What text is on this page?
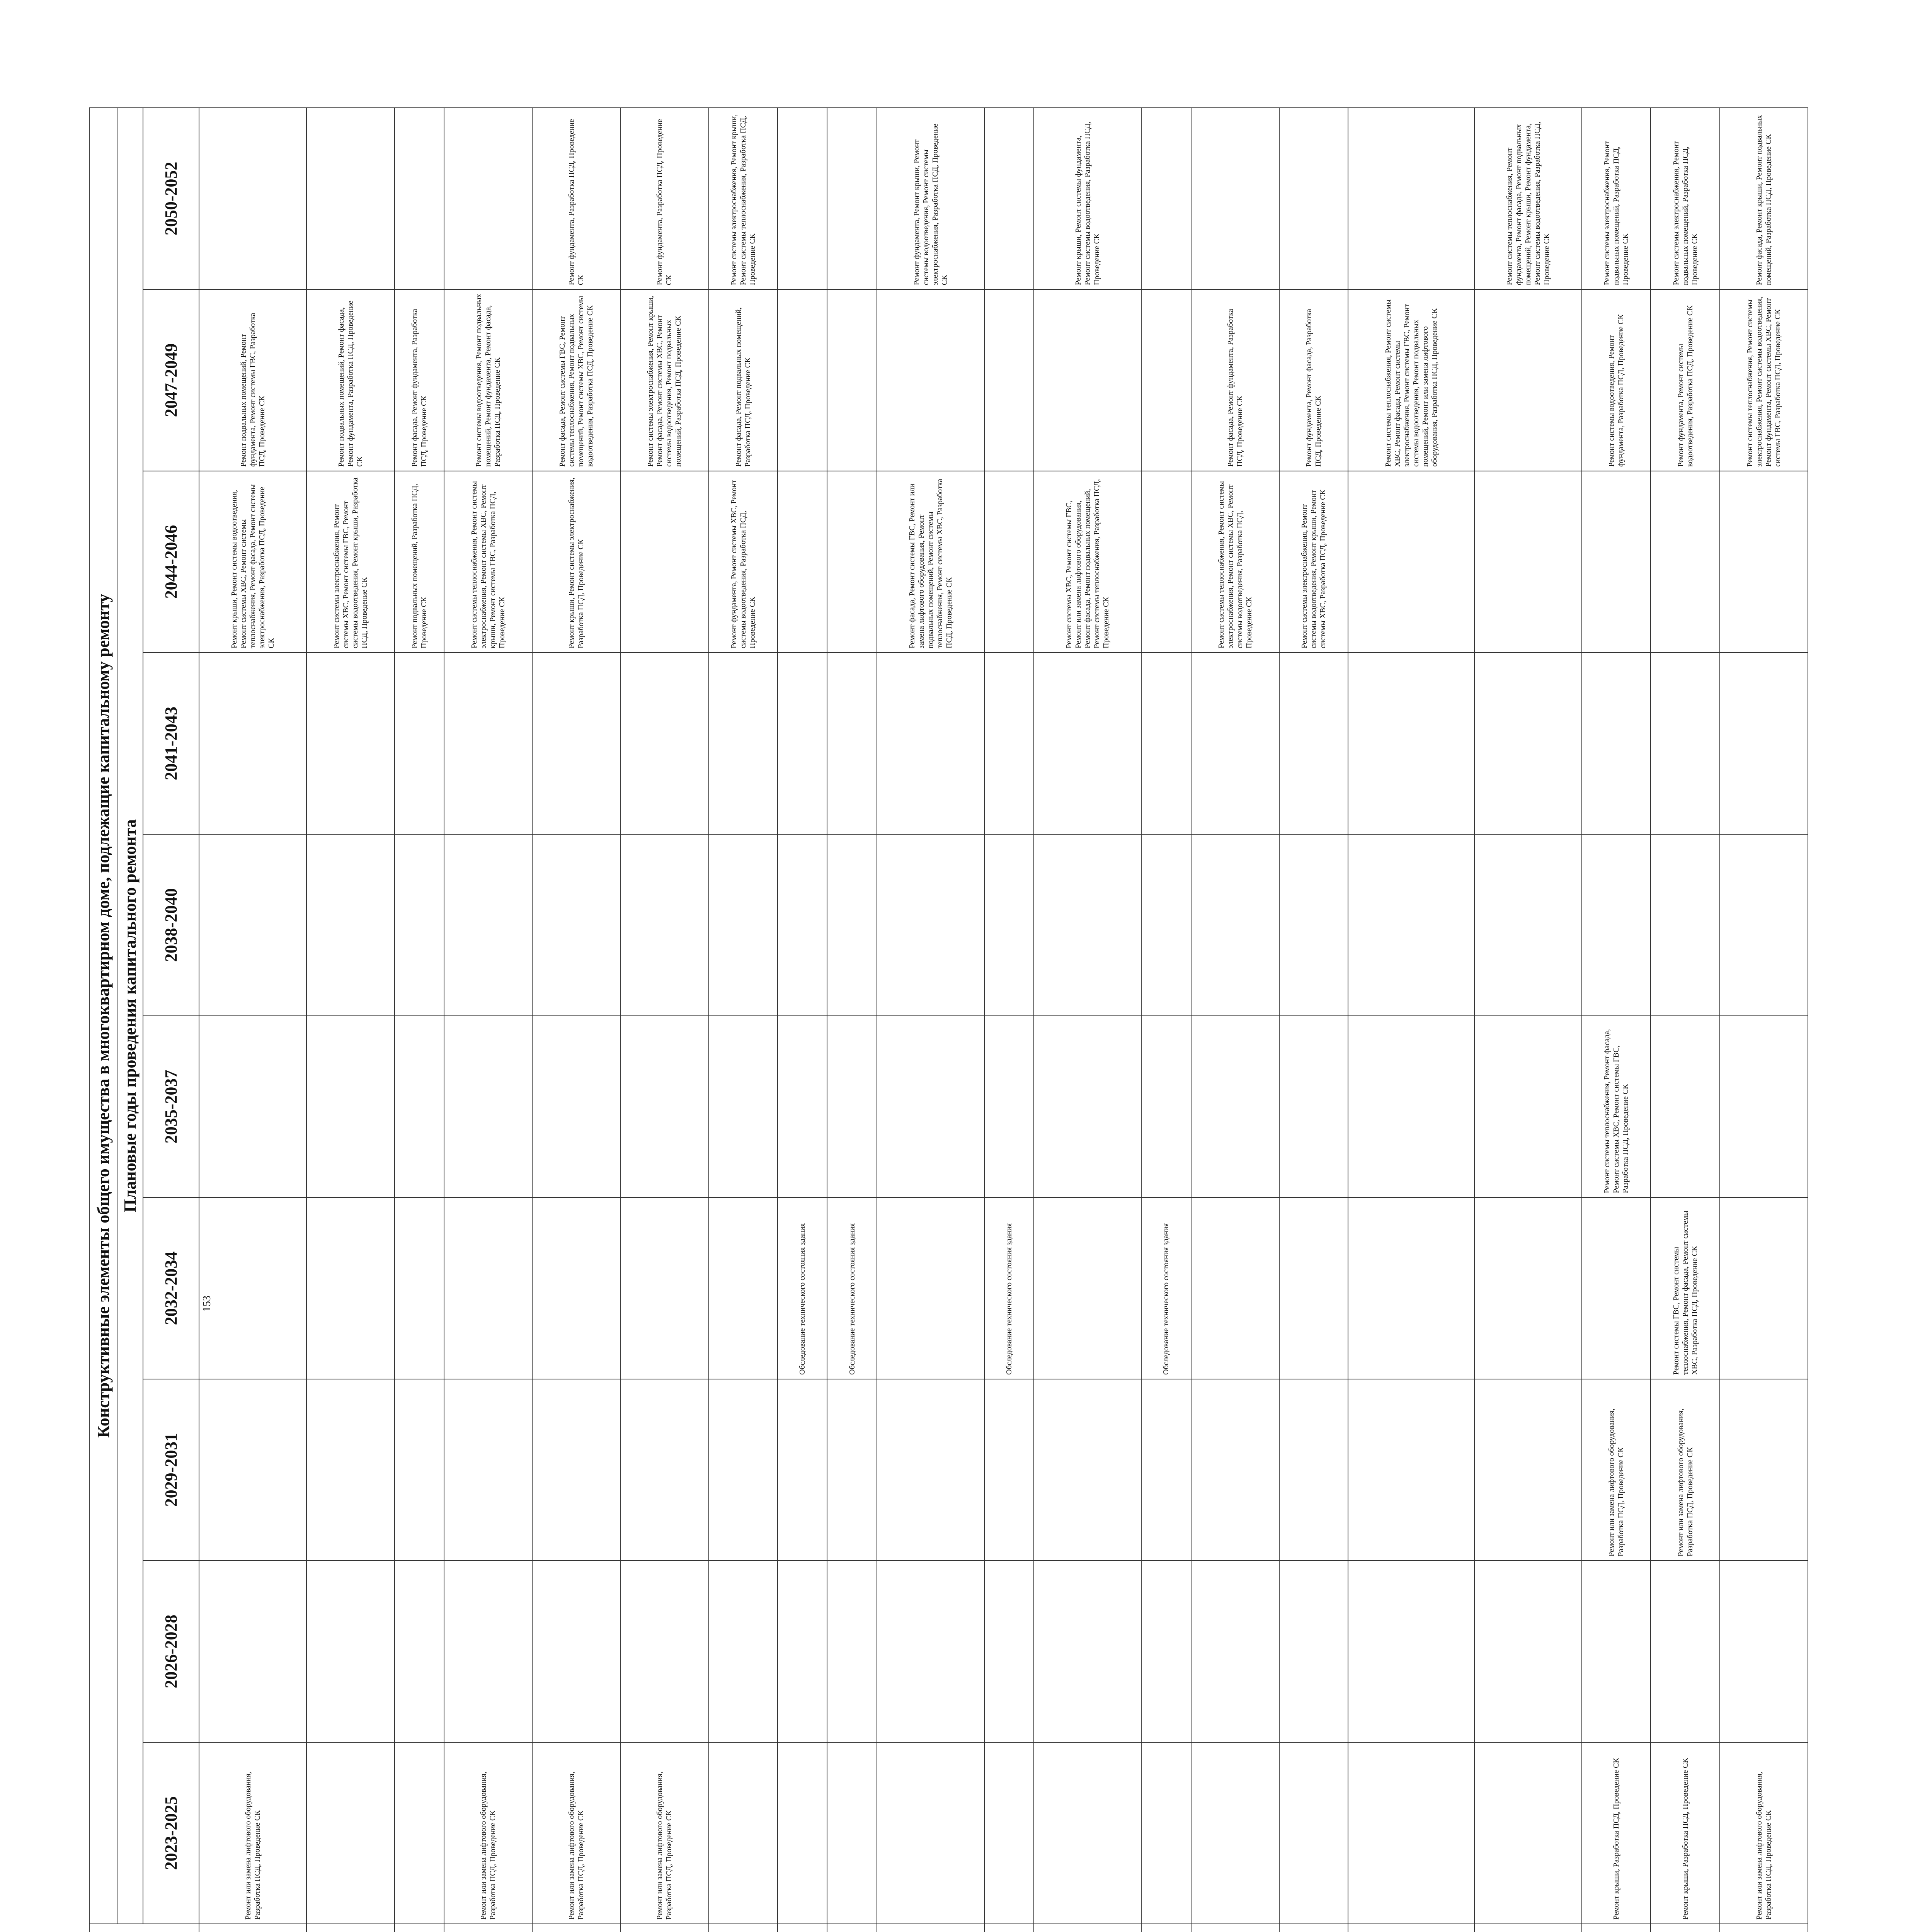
153
									Конструктивные элементы общего имущества в многоквартирном доме, подлежащие капитальному ремонту									
									Плановые годы проведения капитального ремонта									
									2023-2025	2026-2028	2029-2031	2032-2034	2035-2037	2038-2040	2041-2043	2044-2046	2047-2049	2050-2052
									Ремонт или замена лифтового оборудования, Разработка ПСД, Проведение СК							Ремонт крыши, Ремонт системы водоотведения, Ремонт системы ХВС, Ремонт системы теплоснабжения, Ремонт фасада, Ремонт системы электроснабжения, Разработка ПСД, Проведение СК	Ремонт подвальных помещений, Ремонт фундамента, Ремонт системы ГВС, Разработка ПСД, Проведение СК	
																Ремонт системы электроснабжения, Ремонт системы ХВС, Ремонт системы ГВС, Ремонт системы водоотведения, Ремонт крыши, Разработка ПСД, Проведение СК	Ремонт подвальных помещений, Ремонт фасада, Ремонт фундамента, Разработка ПСД, Проведение СК	
																Ремонт подвальных помещений, Разработка ПСД, Проведение СК	Ремонт фасада, Ремонт фундамента, Разработка ПСД, Проведение СК	
									Ремонт или замена лифтового оборудования, Разработка ПСД, Проведение СК							Ремонт системы теплоснабжения, Ремонт системы электроснабжения, Ремонт системы ХВС, Ремонт крыши, Ремонт системы ГВС, Разработка ПСД, Проведение СК	Ремонт системы водоотведения, Ремонт подвальных помещений, Ремонт фундамента, Ремонт фасада, Разработка ПСД, Проведение СК	
									Ремонт или замена лифтового оборудования, Разработка ПСД, Проведение СК							Ремонт крыши, Ремонт системы электроснабжения, Разработка ПСД, Проведение СК	Ремонт фасада, Ремонт системы ГВС, Ремонт системы теплоснабжения, Ремонт подвальных помещений, Ремонт системы ХВС, Ремонт системы водоотведения, Разработка ПСД, Проведение СК	Ремонт фундамента, Разработка ПСД, Проведение СК
									Ремонт или замена лифтового оборудования, Разработка ПСД, Проведение СК								Ремонт системы электроснабжения, Ремонт крыши, Ремонт фасада, Ремонт системы ХВС, Ремонт системы водоотведения, Ремонт подвальных помещений, Разработка ПСД, Проведение СК	Ремонт фундамента, Разработка ПСД, Проведение СК
																Ремонт фундамента, Ремонт системы ХВС, Ремонт системы водоотведения, Разработка ПСД, Проведение СК	Ремонт фасада, Ремонт подвальных помещений, Разработка ПСД, Проведение СК	Ремонт системы электроснабжения, Ремонт крыши, Ремонт системы теплоснабжения, Разработка ПСД, Проведение СК
												Обследование технического состояния здания						
												Обследование технического состояния здания						
																Ремонт фасада, Ремонт системы ГВС, Ремонт или замена лифтового оборудования, Ремонт подвальных помещений, Ремонт системы теплоснабжения, Ремонт системы ХВС, Разработка ПСД, Проведение СК		Ремонт фундамента, Ремонт крыши, Ремонт системы водоотведения, Ремонт системы электроснабжения, Разработка ПСД, Проведение СК
												Обследование технического состояния здания						
																Ремонт системы ХВС, Ремонт системы ГВС, Ремонт или замена лифтового оборудования, Ремонт фасада, Ремонт подвальных помещений, Ремонт системы теплоснабжения, Разработка ПСД, Проведение СК		Ремонт крыши, Ремонт системы фундамента, Ремонт системы водоотведения, Разработка ПСД, Проведение СК
												Обследование технического состояния здания						
																Ремонт системы теплоснабжения, Ремонт системы электроснабжения, Ремонт системы ХВС, Ремонт системы водоотведения, Разработка ПСД, Проведение СК	Ремонт фасада, Ремонт фундамента, Разработка ПСД, Проведение СК	
																Ремонт системы электроснабжения, Ремонт системы водоотведения, Ремонт крыши, Ремонт системы ХВС, Разработка ПСД, Проведение СК	Ремонт фундамента, Ремонт фасада, Разработка ПСД, Проведение СК	
																	Ремонт системы теплоснабжения, Ремонт системы ХВС, Ремонт фасада, Ремонт системы электроснабжения, Ремонт системы ГВС, Ремонт системы водоотведения, Ремонт подвальных помещений, Ремонт или замена лифтового оборудования, Разработка ПСД, Проведение СК	
																		Ремонт системы теплоснабжения, Ремонт фундамента, Ремонт фасада, Ремонт подвальных помещений, Ремонт крыши, Ремонт фундамента, Ремонт системы водоотведения, Разработка ПСД, Проведение СК
									Ремонт крыши, Разработка ПСД, Проведение СК		Ремонт или замена лифтового оборудования, Разработка ПСД, Проведение СК		Ремонт системы теплоснабжения, Ремонт фасада, Ремонт системы ХВС, Ремонт системы ГВС, Разработка ПСД, Проведение СК				Ремонт системы водоотведения, Ремонт фундамента, Разработка ПСД, Проведение СК	Ремонт системы электроснабжения, Ремонт подвальных помещений, Разработка ПСД, Проведение СК
									Ремонт крыши, Разработка ПСД, Проведение СК		Ремонт или замена лифтового оборудования, Разработка ПСД, Проведение СК	Ремонт системы ГВС, Ремонт системы теплоснабжения, Ремонт фасада, Ремонт системы ХВС, Разработка ПСД, Проведение СК					Ремонт фундамента, Ремонт системы водоотведения, Разработка ПСД, Проведение СК	Ремонт системы электроснабжения, Ремонт подвальных помещений, Разработка ПСД, Проведение СК
									Ремонт или замена лифтового оборудования, Разработка ПСД, Проведение СК								Ремонт системы теплоснабжения, Ремонт системы электроснабжения, Ремонт системы водоотведения, Ремонт фундамента, Ремонт системы ХВС, Ремонт системы ГВС, Разработка ПСД, Проведение СК	Ремонт фасада, Ремонт крыши, Ремонт подвальных помещений, Разработка ПСД, Проведение СК
